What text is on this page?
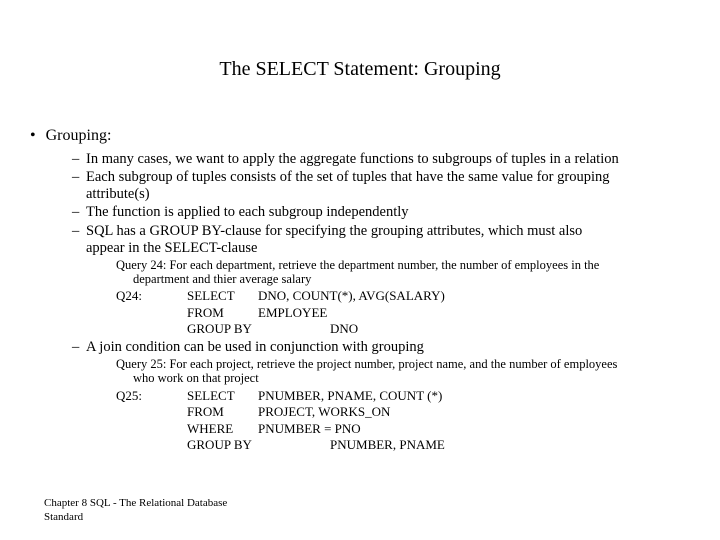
The SELECT Statement: Grouping
• Grouping:
– In many cases, we want to apply the aggregate functions to subgroups of tuples in a relation
– Each subgroup of tuples consists of the set of tuples that have the same value for grouping
attribute(s)
– The function is applied to each subgroup independently
– SQL has a GROUP BY-clause for specifying the grouping attributes, which must also
appear in the SELECT-clause
Query 24: For each department, retrieve the department number, the number of employees in the
department and thier average salary
Q24:	SELECT DNO, COUNT(*), AVG(SALARY)
FROM	EMPLOYEE
GROUP BY	DNO
– A join condition can be used in conjunction with grouping
Query 25: For each project, retrieve the project number, project name, and the number of employees
who work on that project
Q25:	SELECT PNUMBER, PNAME, COUNT (*)
FROM	PROJECT, WORKS_ON
WHERE PNUMBER = PNO
GROUP BY	PNUMBER, PNAME
Chapter 8 SQL - The Relational Database Standard
